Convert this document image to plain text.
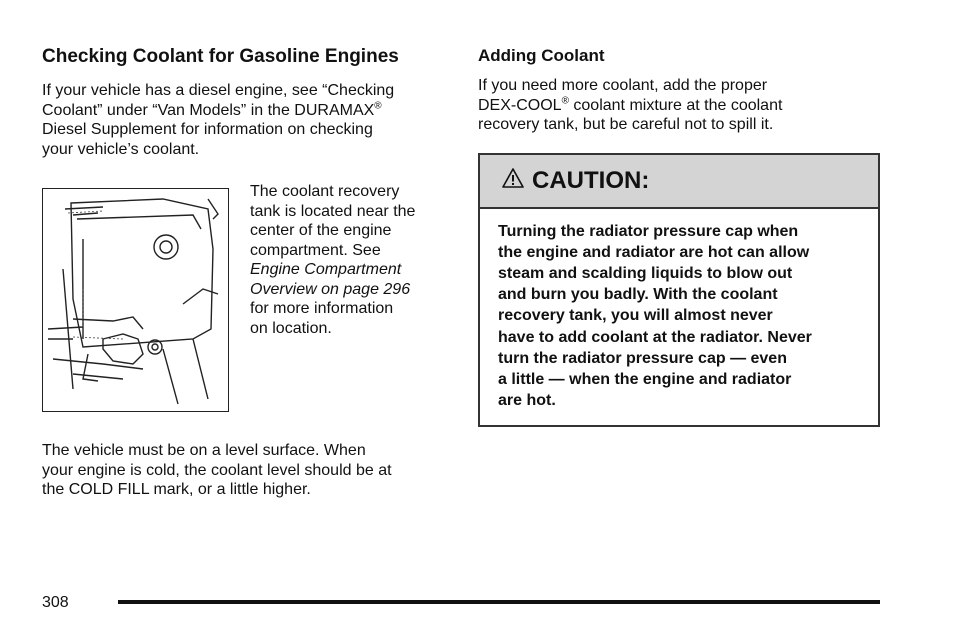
Checking Coolant for Gasoline Engines

If your vehicle has a diesel engine, see “Checking
Coolant” under “Van Models” in the DURAMAX®
Diesel Supplement for information on checking
your vehicle’s coolant.

The coolant recovery
tank is located near the
center of the engine
compartment. See
Engine Compartment
Overview on page 296
for more information
on location.

The vehicle must be on a level surface. When
your engine is cold, the coolant level should be at
the COLD FILL mark, or a little higher.

Adding Coolant

If you need more coolant, add the proper
DEX-COOL® coolant mixture at the coolant
recovery tank, but be careful not to spill it.

CAUTION:
Turning the radiator pressure cap when
the engine and radiator are hot can allow
steam and scalding liquids to blow out
and burn you badly. With the coolant
recovery tank, you will almost never
have to add coolant at the radiator. Never
turn the radiator pressure cap — even
a little — when the engine and radiator
are hot.
308
